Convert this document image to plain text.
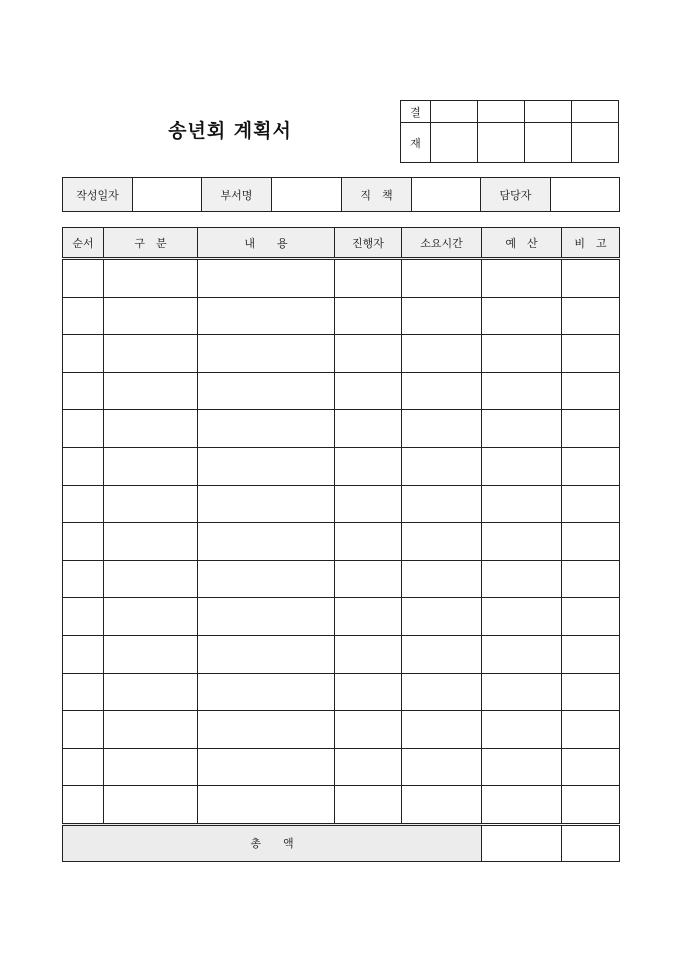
송년회 계획서
결				
재				
작성일자		부서명		직　책		담당자	
순서	구　분	내　　용	진행자	소요시간	예　산	비　고

총　　액						
